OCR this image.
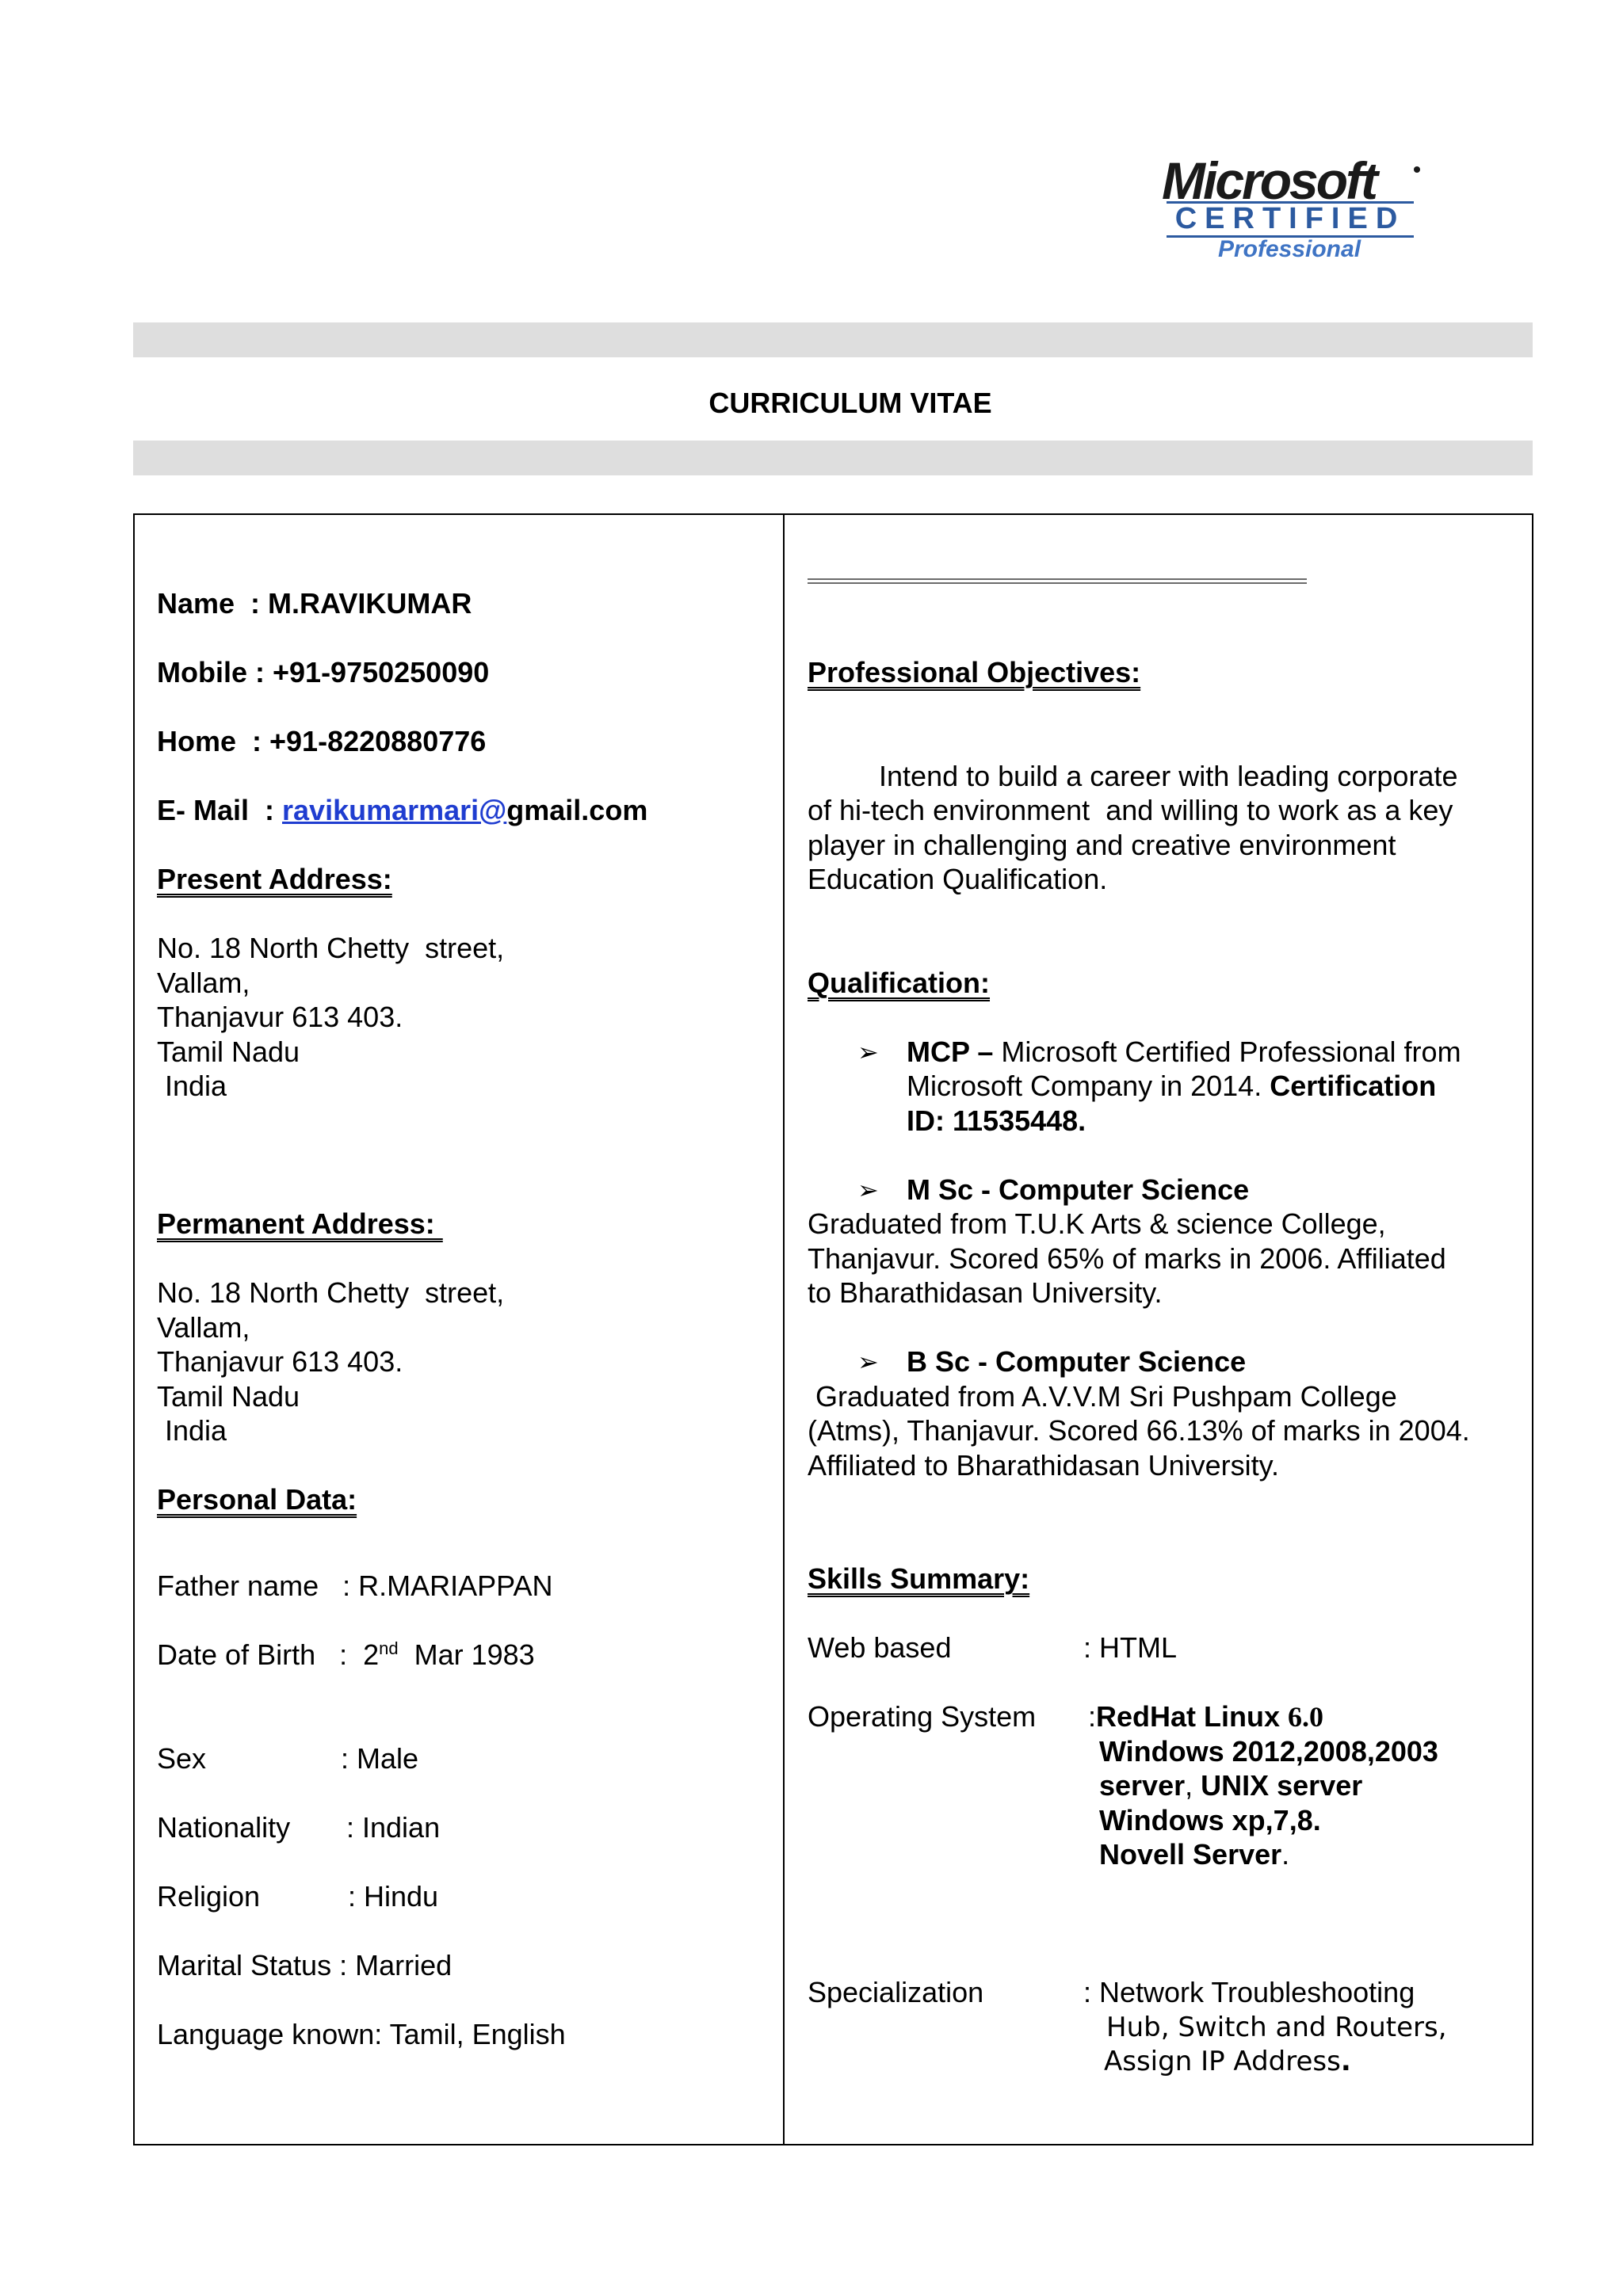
Microsoft
CERTIFIED
Professional
CURRICULUM VITAE
Name  : M.RAVIKUMAR
Mobile : +91-9750250090
Home  : +91-8220880776
E- Mail  : ravikumarmari@gmail.com
Present Address:
No. 18 North Chetty  street,
Vallam,
Thanjavur 613 403.
Tamil Nadu
India
Permanent Address:
No. 18 North Chetty  street,
Vallam,
Thanjavur 613 403.
Tamil Nadu
India
Personal Data:
Father name   : R.MARIAPPAN
Date of Birth   :  2nd  Mar 1983
Sex	: Male
Nationality : Indian
Religion	: Hindu
Marital Status : Married
Language known: Tamil, English
Professional Objectives:
Intend to build a career with leading corporate
of hi-tech environment  and willing to work as a key
player in challenging and creative environment
Education Qualification.
Qualification:
➢ MCP – Microsoft Certified Professional from
Microsoft Company in 2014. Certification
ID: 11535448.
➢ M Sc - Computer Science
Graduated from T.U.K Arts & science College,
Thanjavur. Scored 65% of marks in 2006. Affiliated
to Bharathidasan University.
➢ B Sc - Computer Science
Graduated from A.V.V.M Sri Pushpam College
(Atms), Thanjavur. Scored 66.13% of marks in 2004.
Affiliated to Bharathidasan University.
Skills Summary:
Web based	: HTML
Operating System :RedHat Linux 6.0
Windows 2012,2008,2003
server, UNIX server
Windows xp,7,8.
Novell Server.
Specialization	: Network Troubleshooting
Hub, Switch and Routers,
Assign IP Address.
